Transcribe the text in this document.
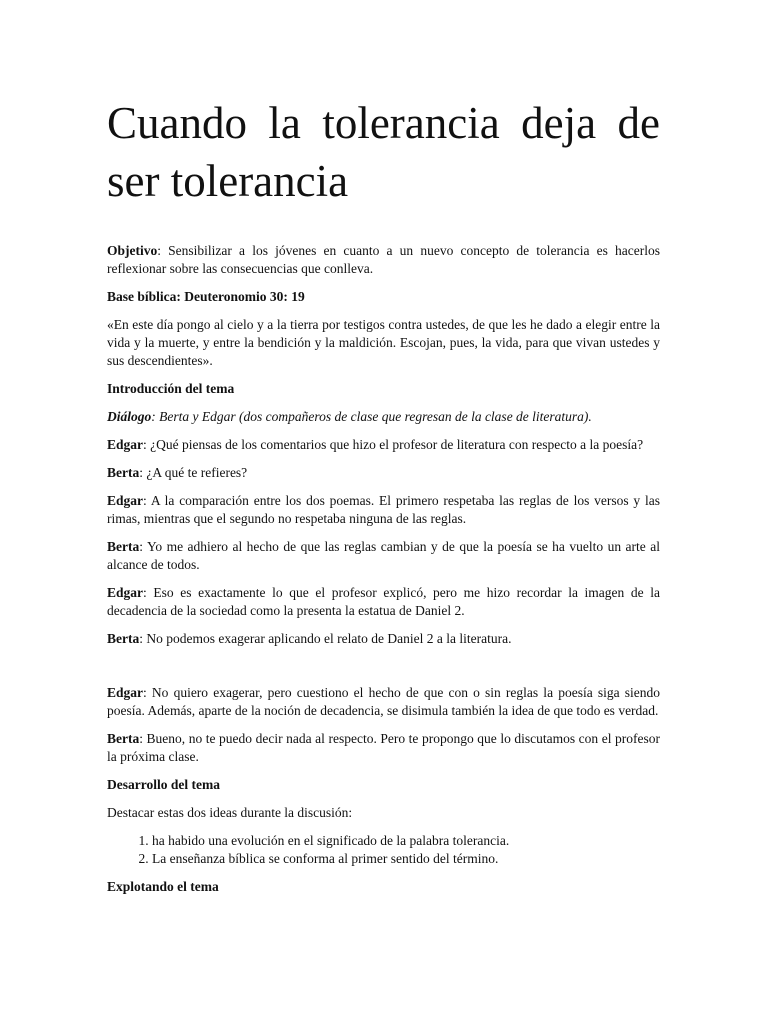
Cuando la tolerancia deja de ser tolerancia

Objetivo: Sensibilizar a los jóvenes en cuanto a un nuevo concepto de tolerancia es hacerlos reflexionar sobre las consecuencias que conlleva.

Base bíblica: Deuteronomio 30: 19

«En este día pongo al cielo y a la tierra por testigos contra ustedes, de que les he dado a elegir entre la vida y la muerte, y entre la bendición y la maldición. Escojan, pues, la vida, para que vivan ustedes y sus descendientes».

Introducción del tema

Diálogo: Berta y Edgar (dos compañeros de clase que regresan de la clase de literatura).

Edgar: ¿Qué piensas de los comentarios que hizo el profesor de literatura con respecto a la poesía?

Berta: ¿A qué te refieres?

Edgar: A la comparación entre los dos poemas. El primero respetaba las reglas de los versos y las rimas, mientras que el segundo no respetaba ninguna de las reglas.

Berta: Yo me adhiero al hecho de que las reglas cambian y de que la poesía se ha vuelto un arte al alcance de todos.

Edgar: Eso es exactamente lo que el profesor explicó, pero me hizo recordar la imagen de la decadencia de la sociedad como la presenta la estatua de Daniel 2.

Berta: No podemos exagerar aplicando el relato de Daniel 2 a la literatura.

Edgar: No quiero exagerar, pero cuestiono el hecho de que con o sin reglas la poesía siga siendo poesía. Además, aparte de la noción de decadencia, se disimula también la idea de que todo es verdad.

Berta: Bueno, no te puedo decir nada al respecto. Pero te propongo que lo discutamos con el profesor la próxima clase.

Desarrollo del tema

Destacar estas dos ideas durante la discusión:

1. ha habido una evolución en el significado de la palabra tolerancia.
2. La enseñanza bíblica se conforma al primer sentido del término.

Explotando el tema
